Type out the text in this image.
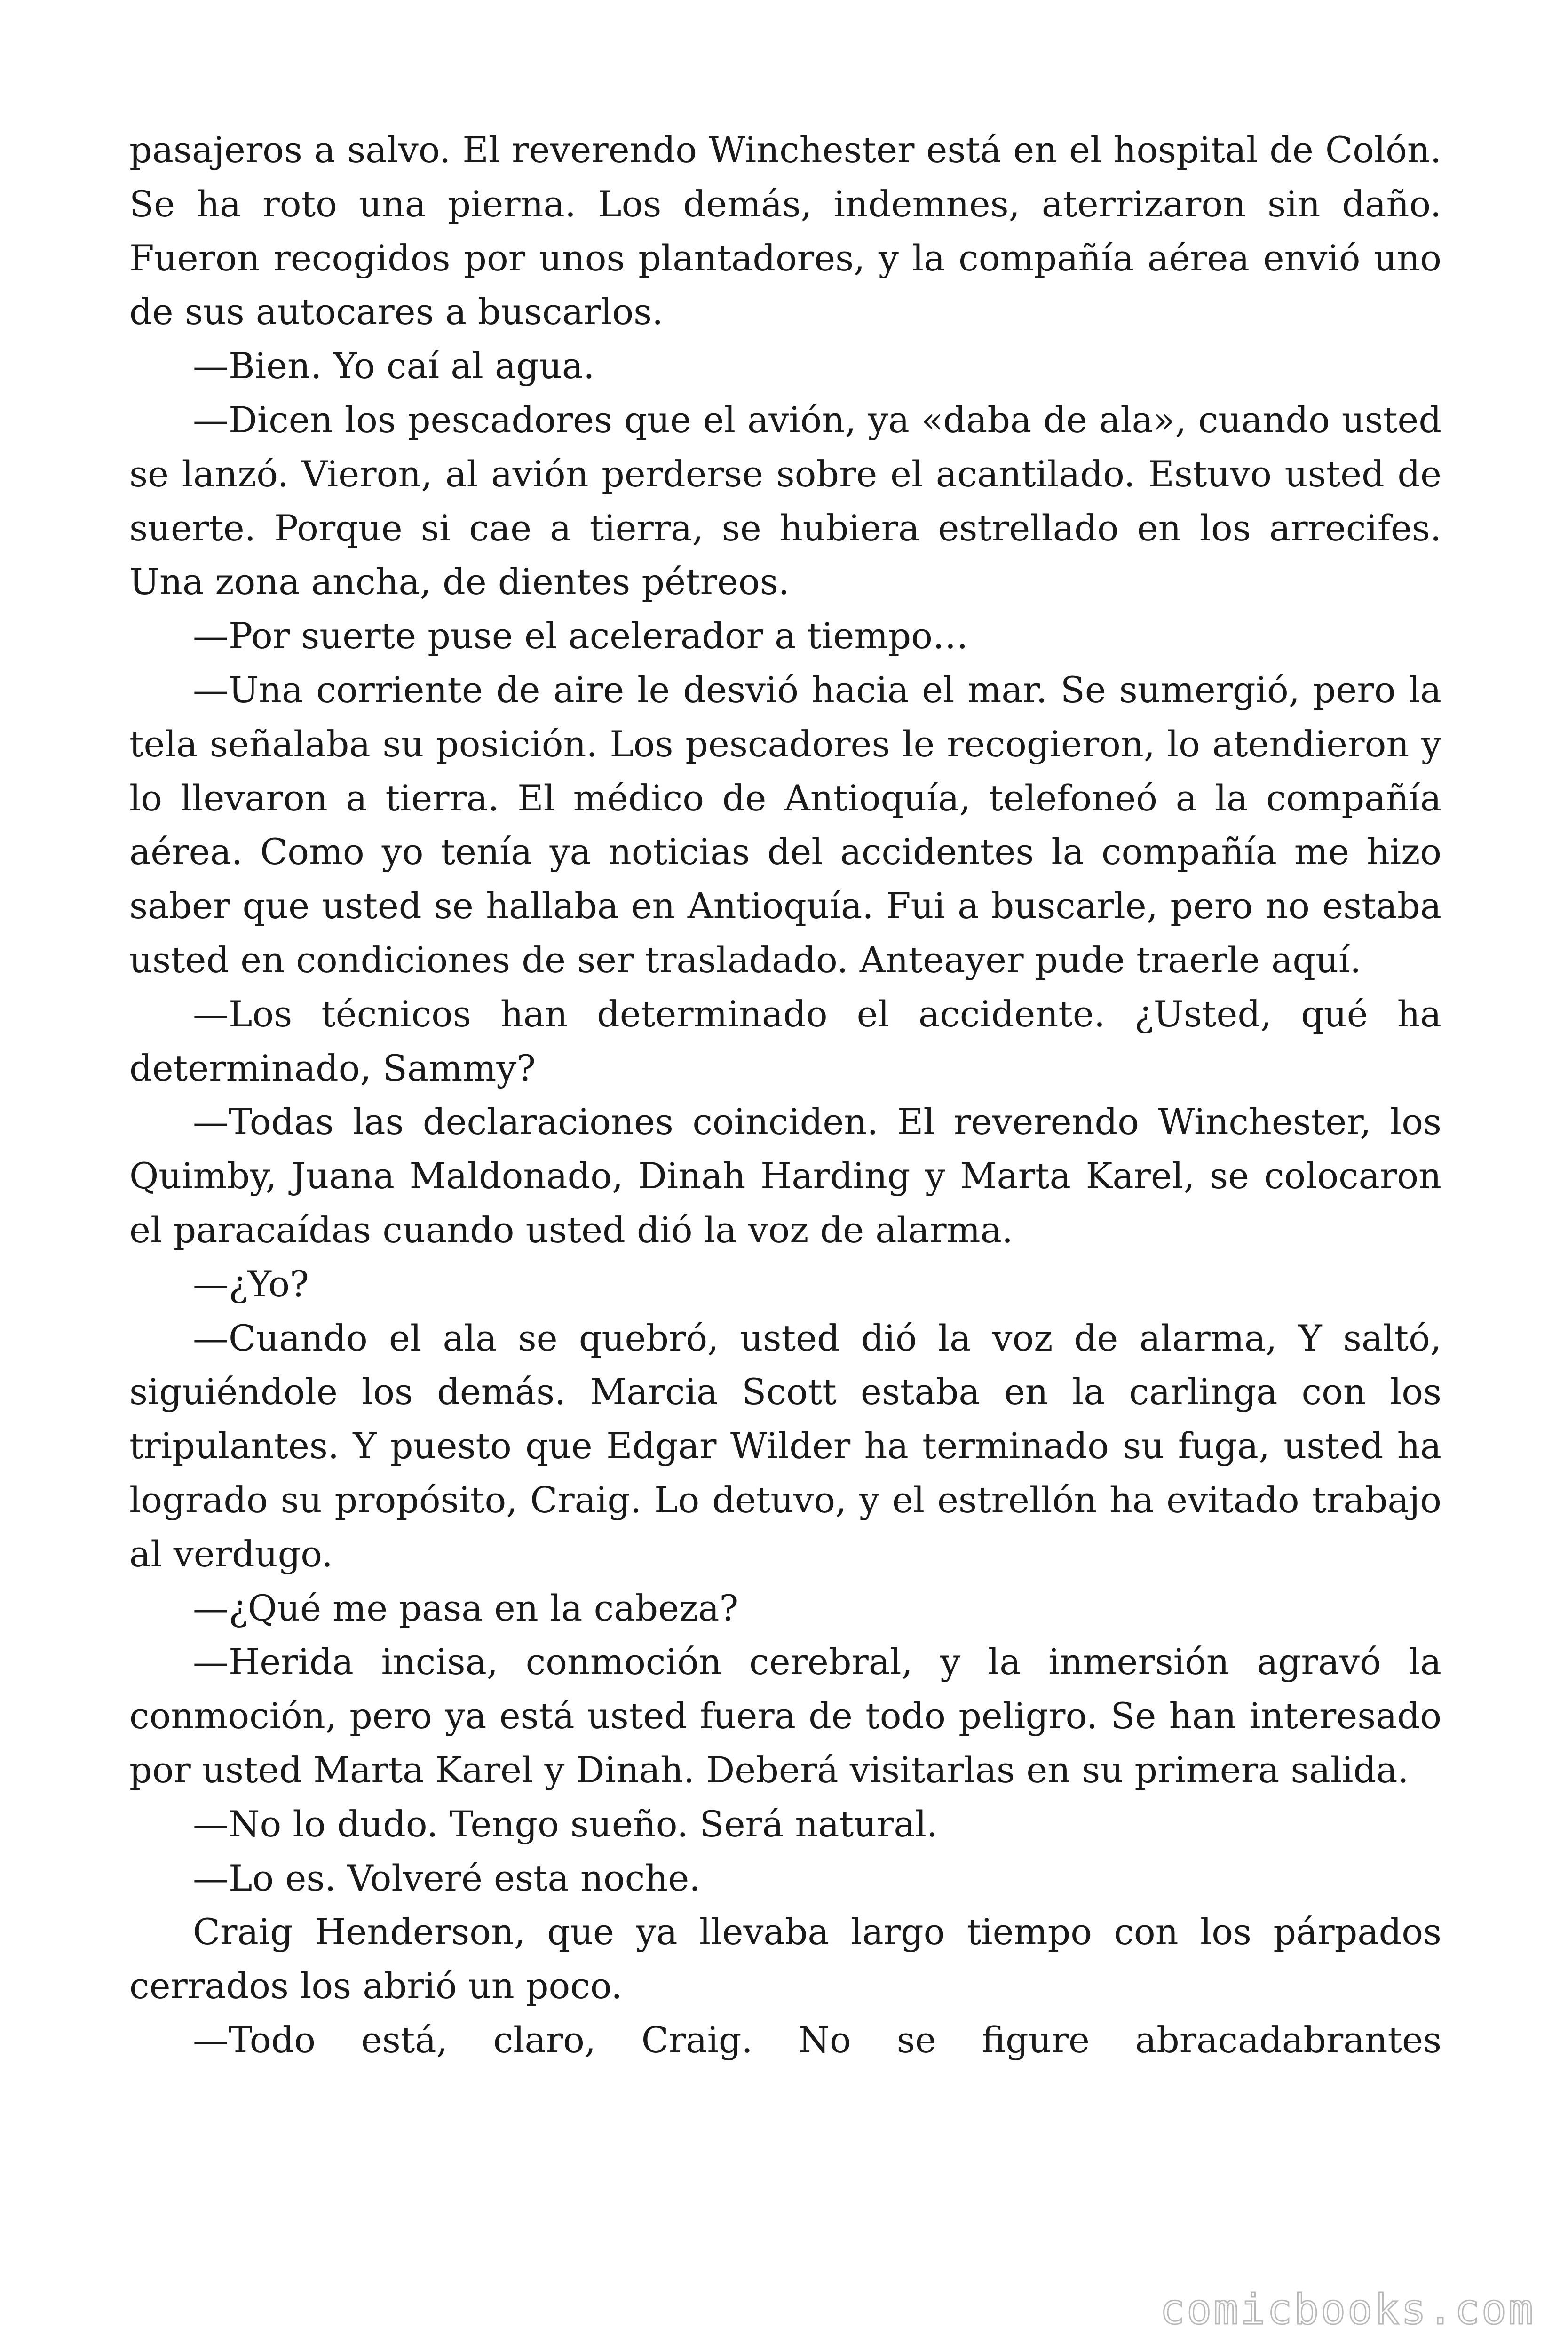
pasajeros a salvo. El reverendo Winchester está en el hospital de Colón. Se ha roto una pierna. Los demás, indemnes, aterrizaron sin daño. Fueron recogidos por unos plantadores, y la compañía aérea envió uno de sus autocares a buscarlos.

—Bien. Yo caí al agua.

—Dicen los pescadores que el avión, ya «daba de ala», cuando usted se lanzó. Vieron, al avión perderse sobre el acantilado. Estuvo usted de suerte. Porque si cae a tierra, se hubiera estrellado en los arrecifes. Una zona ancha, de dientes pétreos.

—Por suerte puse el acelerador a tiempo…

—Una corriente de aire le desvió hacia el mar. Se sumergió, pero la tela señalaba su posición. Los pescadores le recogieron, lo atendieron y lo llevaron a tierra. El médico de Antioquía, telefoneó a la compañía aérea. Como yo tenía ya noticias del accidentes la compañía me hizo saber que usted se hallaba en Antioquía. Fui a buscarle, pero no estaba usted en condiciones de ser trasladado. Anteayer pude traerle aquí.

—Los técnicos han determinado el accidente. ¿Usted, qué ha determinado, Sammy?

—Todas las declaraciones coinciden. El reverendo Winchester, los Quimby, Juana Maldonado, Dinah Harding y Marta Karel, se colocaron el paracaídas cuando usted dió la voz de alarma.

—¿Yo?

—Cuando el ala se quebró, usted dió la voz de alarma, Y saltó, siguiéndole los demás. Marcia Scott estaba en la carlinga con los tripulantes. Y puesto que Edgar Wilder ha terminado su fuga, usted ha logrado su propósito, Craig. Lo detuvo, y el estrellón ha evitado trabajo al verdugo.

—¿Qué me pasa en la cabeza?

—Herida incisa, conmoción cerebral, y la inmersión agravó la conmoción, pero ya está usted fuera de todo peligro. Se han interesado por usted Marta Karel y Dinah. Deberá visitarlas en su primera salida.

—No lo dudo. Tengo sueño. Será natural.

—Lo es. Volveré esta noche.

Craig Henderson, que ya llevaba largo tiempo con los párpados cerrados los abrió un poco.

—Todo está, claro, Craig. No se figure abracadabrantes

comicbooks.com
